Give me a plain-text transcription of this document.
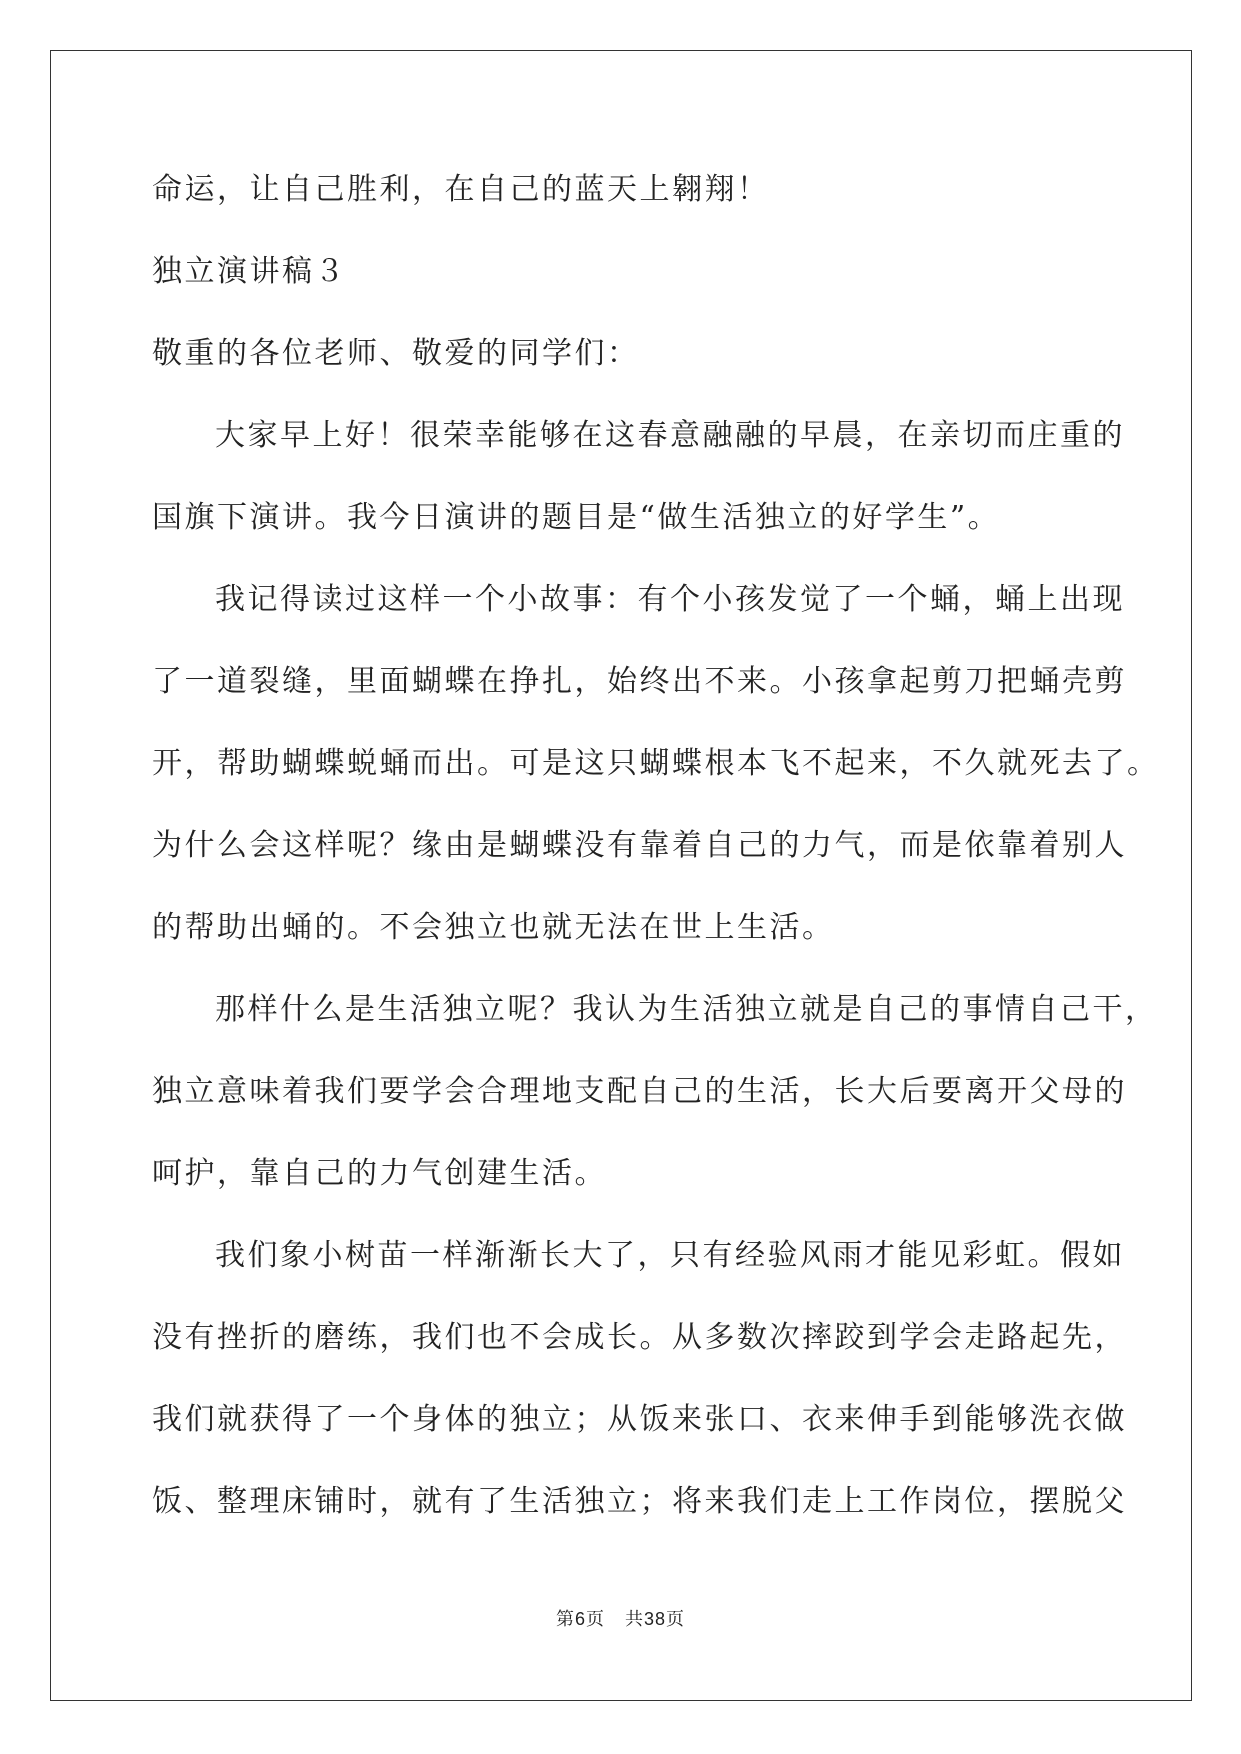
命运，让自己胜利，在自己的蓝天上翱翔！
独立演讲稿３
敬重的各位老师、敬爱的同学们：
大家早上好！很荣幸能够在这春意融融的早晨，在亲切而庄重的
国旗下演讲。我今日演讲的题目是“做生活独立的好学生”。
我记得读过这样一个小故事：有个小孩发觉了一个蛹，蛹上出现
了一道裂缝，里面蝴蝶在挣扎，始终出不来。小孩拿起剪刀把蛹壳剪
开，帮助蝴蝶蜕蛹而出。可是这只蝴蝶根本飞不起来，不久就死去了。
为什么会这样呢？缘由是蝴蝶没有靠着自己的力气，而是依靠着别人
的帮助出蛹的。不会独立也就无法在世上生活。
那样什么是生活独立呢？我认为生活独立就是自己的事情自己干，
独立意味着我们要学会合理地支配自己的生活，长大后要离开父母的
呵护，靠自己的力气创建生活。
我们象小树苗一样渐渐长大了，只有经验风雨才能见彩虹。假如
没有挫折的磨练，我们也不会成长。从多数次摔跤到学会走路起先，
我们就获得了一个身体的独立；从饭来张口、衣来伸手到能够洗衣做
饭、整理床铺时，就有了生活独立；将来我们走上工作岗位，摆脱父
第6页 共38页
